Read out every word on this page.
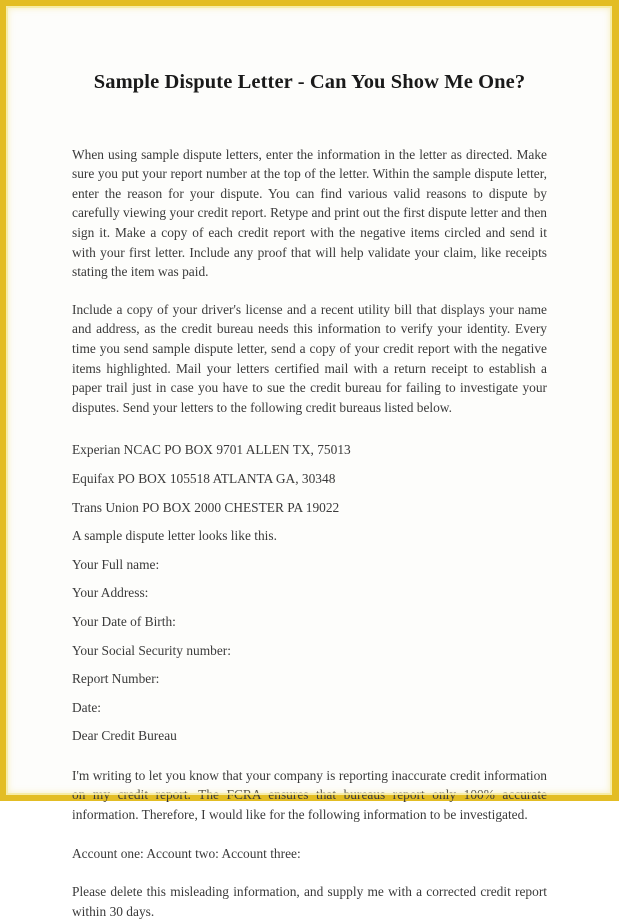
Sample Dispute Letter - Can You Show Me One?

When using sample dispute letters, enter the information in the letter as directed. Make sure you put your report number at the top of the letter. Within the sample dispute letter, enter the reason for your dispute. You can find various valid reasons to dispute by carefully viewing your credit report. Retype and print out the first dispute letter and then sign it. Make a copy of each credit report with the negative items circled and send it with your first letter. Include any proof that will help validate your claim, like receipts stating the item was paid.

Include a copy of your driver's license and a recent utility bill that displays your name and address, as the credit bureau needs this information to verify your identity. Every time you send sample dispute letter, send a copy of your credit report with the negative items highlighted. Mail your letters certified mail with a return receipt to establish a paper trail just in case you have to sue the credit bureau for failing to investigate your disputes. Send your letters to the following credit bureaus listed below.

Experian NCAC PO BOX 9701 ALLEN TX, 75013

Equifax PO BOX 105518 ATLANTA GA, 30348

Trans Union PO BOX 2000 CHESTER PA 19022

A sample dispute letter looks like this.

Your Full name:

Your Address:

Your Date of Birth:

Your Social Security number:

Report Number:

Date:

Dear Credit Bureau

I'm writing to let you know that your company is reporting inaccurate credit information on my credit report. The FCRA ensures that bureaus report only 100% accurate information. Therefore, I would like for the following information to be investigated.

Account one: Account two: Account three:

Please delete this misleading information, and supply me with a corrected credit report within 30 days.
